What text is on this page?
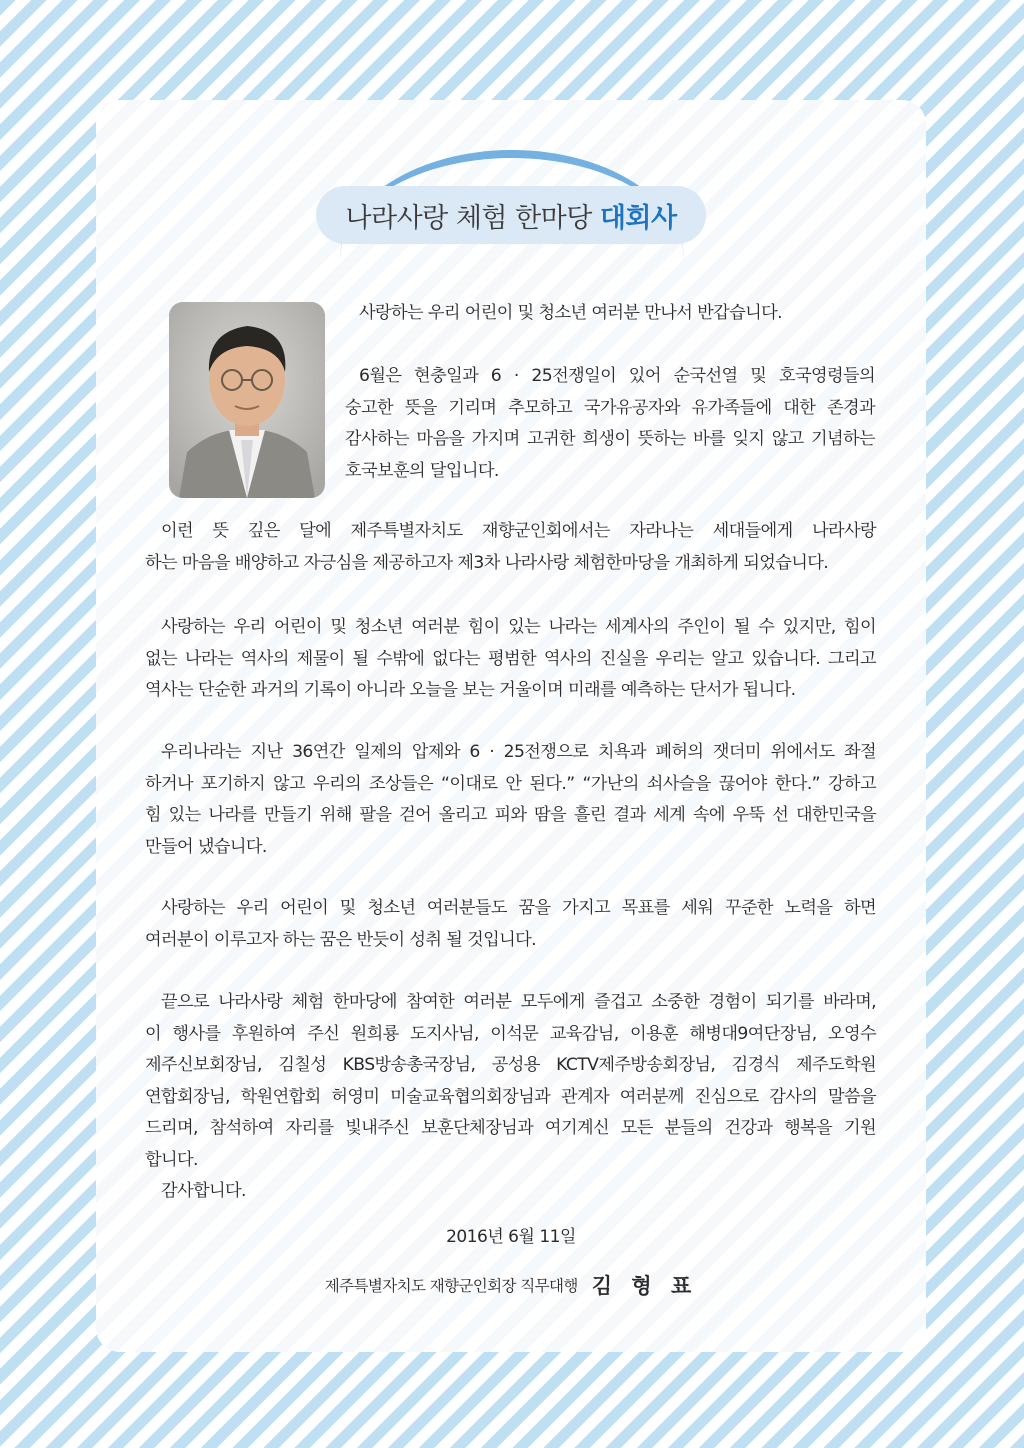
나라사랑 체험 한마당 대회사
사랑하는 우리 어린이 및 청소년 여러분 만나서 반갑습니다.
6월은 현충일과 6 · 25전쟁일이 있어 순국선열 및 호국영령들의
숭고한 뜻을 기리며 추모하고 국가유공자와 유가족들에 대한 존경과
감사하는 마음을 가지며 고귀한 희생이 뜻하는 바를 잊지 않고 기념하는
호국보훈의 달입니다.
이런 뜻 깊은 달에 제주특별자치도 재향군인회에서는 자라나는 세대들에게 나라사랑
하는 마음을 배양하고 자긍심을 제공하고자 제3차 나라사랑 체험한마당을 개최하게 되었습니다.
사랑하는 우리 어린이 및 청소년 여러분 힘이 있는 나라는 세계사의 주인이 될 수 있지만, 힘이
없는 나라는 역사의 제물이 될 수밖에 없다는 평범한 역사의 진실을 우리는 알고 있습니다. 그리고
역사는 단순한 과거의 기록이 아니라 오늘을 보는 거울이며 미래를 예측하는 단서가 됩니다.
우리나라는 지난 36연간 일제의 압제와 6 · 25전쟁으로 치욕과 폐허의 잿더미 위에서도 좌절
하거나 포기하지 않고 우리의 조상들은 “이대로 안 된다.” “가난의 쇠사슬을 끊어야 한다.” 강하고
힘 있는 나라를 만들기 위해 팔을 걷어 올리고 피와 땀을 흘린 결과 세계 속에 우뚝 선 대한민국을
만들어 냈습니다.
사랑하는 우리 어린이 및 청소년 여러분들도 꿈을 가지고 목표를 세워 꾸준한 노력을 하면
여러분이 이루고자 하는 꿈은 반듯이 성취 될 것입니다.
끝으로 나라사랑 체험 한마당에 참여한 여러분 모두에게 즐겁고 소중한 경험이 되기를 바라며,
이 행사를 후원하여 주신 원희룡 도지사님, 이석문 교육감님, 이용훈 해병대9여단장님, 오영수
제주신보회장님, 김칠성 KBS방송총국장님, 공성용 KCTV제주방송회장님, 김경식 제주도학원
연합회장님, 학원연합회 허영미 미술교육협의회장님과 관계자 여러분께 진심으로 감사의 말씀을
드리며, 참석하여 자리를 빛내주신 보훈단체장님과 여기계신 모든 분들의 건강과 행복을 기원
합니다.
감사합니다.
2016년 6월 11일
제주특별자치도 재향군인회장 직무대행 김 형 표
